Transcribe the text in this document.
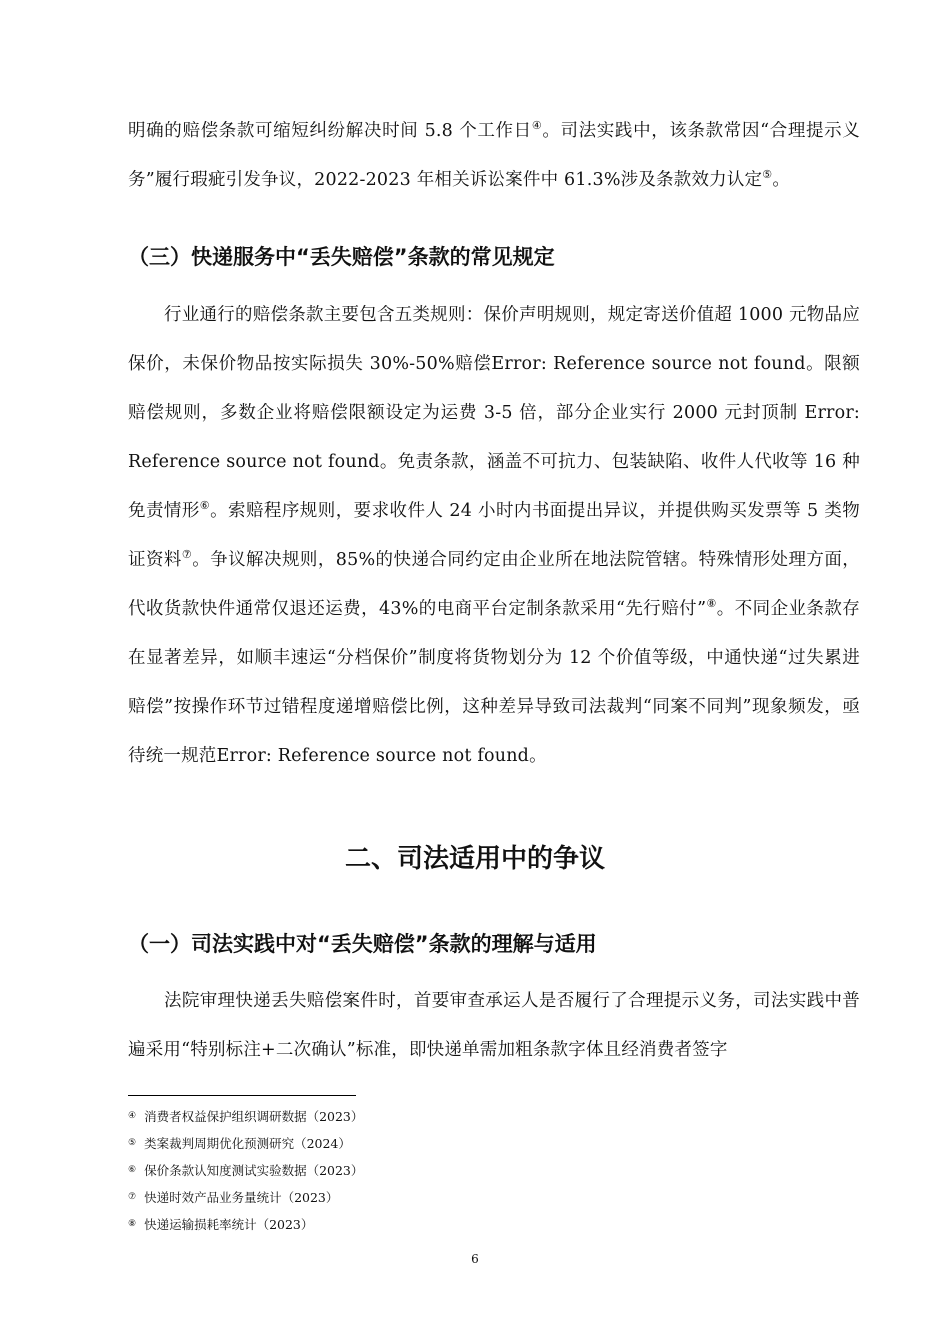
明确的赔偿条款可缩短纠纷解决时间 5.8 个工作日④。司法实践中，该条款常因“合理提示义务”履行瑕疵引发争议，2022-2023 年相关诉讼案件中 61.3%涉及条款效力认定⑤。

（三）快递服务中“丢失赔偿”条款的常见规定

行业通行的赔偿条款主要包含五类规则：保价声明规则，规定寄送价值超 1000 元物品应保价，未保价物品按实际损失 30%-50%赔偿Error: Reference source not found。限额赔偿规则，多数企业将赔偿限额设定为运费 3-5 倍，部分企业实行 2000 元封顶制 Error: Reference source not found。免责条款，涵盖不可抗力、包装缺陷、收件人代收等 16 种免责情形⑥。索赔程序规则，要求收件人 24 小时内书面提出异议，并提供购买发票等 5 类物证资料⑦。争议解决规则，85%的快递合同约定由企业所在地法院管辖。特殊情形处理方面，代收货款快件通常仅退还运费，43%的电商平台定制条款采用“先行赔付”⑧。不同企业条款存在显著差异，如顺丰速运“分档保价”制度将货物划分为 12 个价值等级，中通快递“过失累进赔偿”按操作环节过错程度递增赔偿比例，这种差异导致司法裁判“同案不同判”现象频发，亟待统一规范Error: Reference source not found。

二、司法适用中的争议
（一）司法实践中对“丢失赔偿”条款的理解与适用

法院审理快递丢失赔偿案件时，首要审查承运人是否履行了合理提示义务，司法实践中普遍采用“特别标注+二次确认”标准，即快递单需加粗条款字体且经消费者签字

④ 消费者权益保护组织调研数据（2023）
⑤ 类案裁判周期优化预测研究（2024）
⑥ 保价条款认知度测试实验数据（2023）
⑦ 快递时效产品业务量统计（2023）
⑧ 快递运输损耗率统计（2023）
6
